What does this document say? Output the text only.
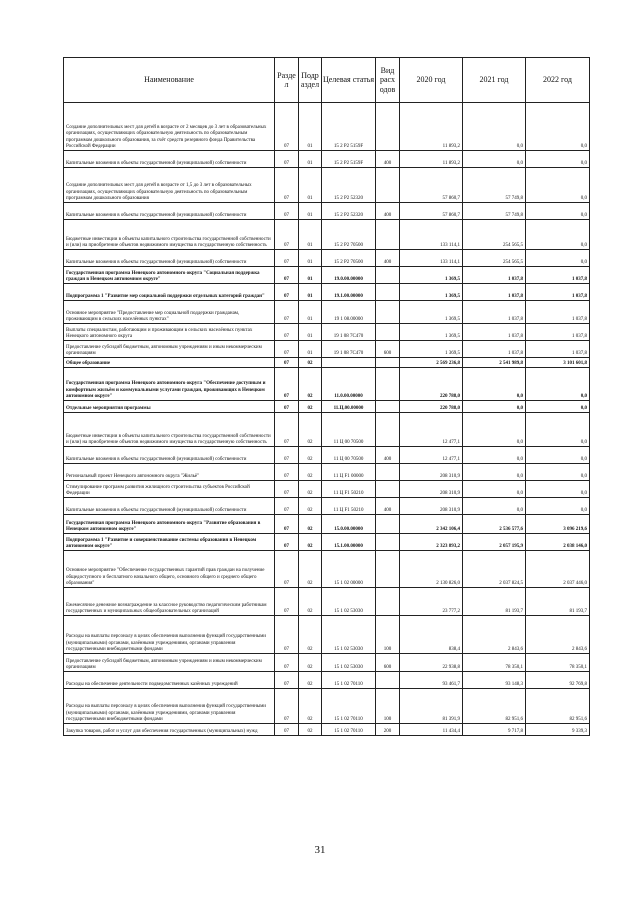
Наименование	Разде л	Подр аздел	Целевая статья	Вид расх одов	2020 год	2021 год	2022 год
Создание дополнительных мест для детей в возрасте от 2 месяцев до 3 лет в образовательных организациях, осуществляющих образовательную деятельность по образовательным программам дошкольного образования, за счёт средств резервного фонда Правительства Российской Федерации	07	01	15 2 Р2 5159F		11 893,2	0,0	0,0
Капитальные вложения в объекты государственной (муниципальной) собственности	07	01	15 2 Р2 5159F	400	11 893,2	0,0	0,0
Создание дополнительных мест для детей в возрасте от 1,5 до 3 лет в образовательных организациях, осуществляющих образовательную деятельность по образовательным программам дошкольного образования	07	01	15 2 Р2 52320		57 860,7	57 749,8	0,0
Капитальные вложения в объекты государственной (муниципальной) собственности	07	01	15 2 Р2 52320	400	57 860,7	57 749,8	0,0
Бюджетные инвестиции в объекты капитального строительства государственной собственности и (или) на приобретение объектов недвижимого имущества в государственную собственность	07	01	15 2 Р2 70500		133 114,1	254 565,5	0,0
Капитальные вложения в объекты государственной (муниципальной) собственности	07	01	15 2 Р2 70500	400	133 114,1	254 565,5	0,0
Государственная программа Ненецкого автономного округа "Социальная поддержка граждан в Ненецком автономном округе"	07	01	19.0.00.00000		1 369,5	1 037,8	1 037,8
Подпрограмма 1 "Развитие мер социальной поддержки отдельных категорий граждан"	07	01	19.1.00.00000		1 369,5	1 037,8	1 037,8
Основное мероприятие "Предоставление мер социальной поддержки гражданам, проживающим в сельских населённых пунктах"	07	01	19 1 08.00000		1 369,5	1 037,8	1 037,8
Выплаты специалистам, работающим и проживающим в сельских населённых пунктах Ненецкого автономного округа	07	01	19 1 08 7С470		1 369,5	1 037,8	1 037,8
Предоставление субсидий бюджетным, автономным учреждениям и иным некоммерческим организациям	07	01	19 1 08 7С470	600	1 369,5	1 037,8	1 037,8
Общее образование	07	02			2 569 236,8	2 541 989,8	3 101 601,8
Государственная программа Ненецкого автономного округа "Обеспечение доступным и комфортным жильём и коммунальными услугами граждан, проживающих в Ненецком автономном округе"	07	02	11.0.00.00000		220 788,0	0,0	0,0
Отдельные мероприятия программы	07	02	11.Ц.00.00000		220 788,0	0,0	0,0
Бюджетные инвестиции в объекты капитального строительства государственной собственности и (или) на приобретение объектов недвижимого имущества в государственную собственность	07	02	11 Ц 00 70500		12 477,1	0,0	0,0
Капитальные вложения в объекты государственной (муниципальной) собственности	07	02	11 Ц 00 70500	400	12 477,1	0,0	0,0
Региональный проект Ненецкого автономного округа "Жильё"	07	02	11 Ц F1 00000		208 310,9	0,0	0,0
Стимулирование программ развития жилищного строительства субъектов Российской Федерации	07	02	11 Ц F1 50210		208 310,9	0,0	0,0
Капитальные вложения в объекты государственной (муниципальной) собственности	07	02	11 Ц F1 50210	400	208 310,9	0,0	0,0
Государственная программа Ненецкого автономного округа "Развитие образования в Ненецком автономном округе"	07	02	15.0.00.00000		2 342 106,4	2 536 577,6	3 096 219,6
Подпрограмма 1 "Развитие и совершенствование системы образования в Ненецком автономном округе"	07	02	15.1.00.00000		2 323 893,2	2 057 195,9	2 038 146,0
Основное мероприятие "Обеспечение государственных гарантий прав граждан на получение общедоступного и бесплатного начального общего, основного общего и среднего общего образования"	07	02	15 1 02 00000		2 130 826,0	2 037 824,5	2 037 446,0
Ежемесячное денежное вознаграждение за классное руководство педагогическим работникам государственных и муниципальных общеобразовательных организаций	07	02	15 1 02 53030		23 777,2	81 193,7	81 193,7
Расходы на выплаты персоналу в целях обеспечения выполнения функций государственными (муниципальными) органами, казёнными учреждениями, органами управления государственными внебюджетными фондами	07	02	15 1 02 53030	100	838,4	2 843,6	2 843,6
Предоставление субсидий бюджетным, автономным учреждениям и иным некоммерческим организациям	07	02	15 1 02 53030	600	22 938,8	78 350,1	78 350,1
Расходы на обеспечение деятельности подведомственных казённых учреждений	07	02	15 1 02 70110		93 461,7	93 148,3	92 769,8
Расходы на выплаты персоналу в целях обеспечения выполнения функций государственными (муниципальными) органами, казёнными учреждениями, органами управления государственными внебюджетными фондами	07	02	15 1 02 70110	100	81 391,9	82 951,6	82 951,6
Закупка товаров, работ и услуг для обеспечения государственных (муниципальных) нужд	07	02	15 1 02 70110	200	11 434,4	9 717,8	9 339,3
31
